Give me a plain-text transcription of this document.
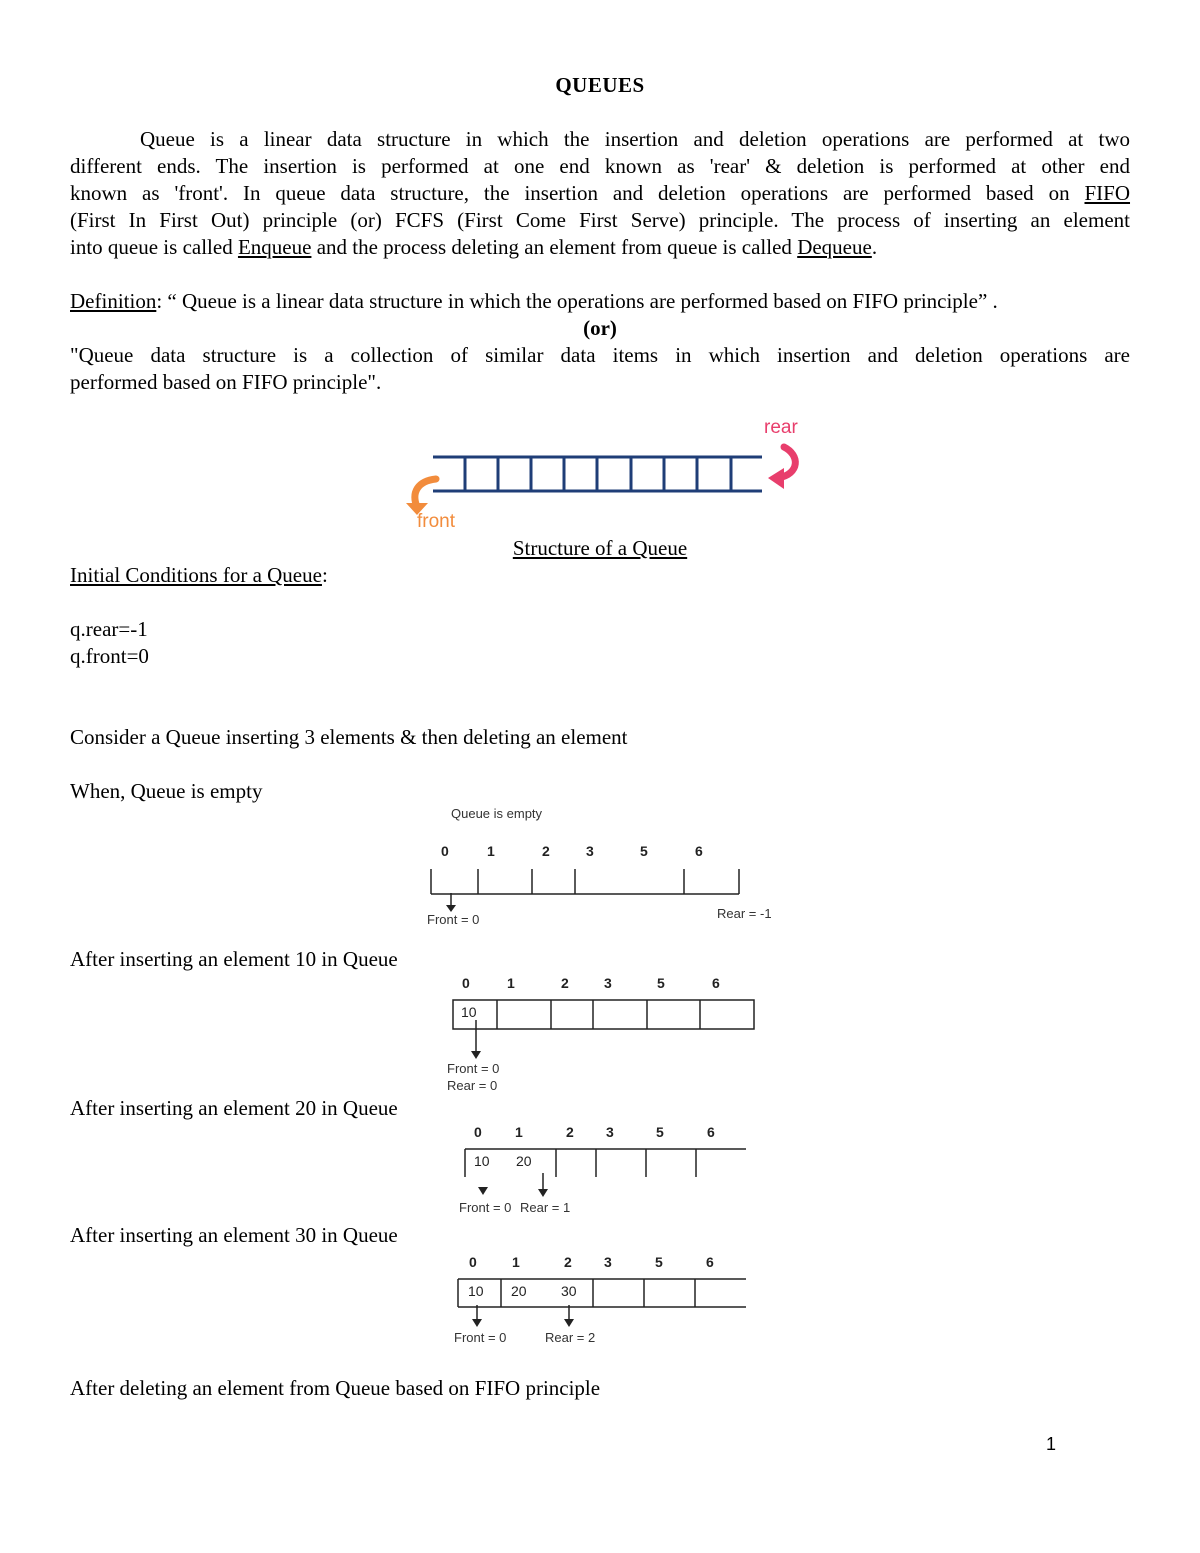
QUEUES
Queue is a linear data structure in which the insertion and deletion operations are performed at two
different ends. The insertion is performed at one end known as 'rear' & deletion is performed at other end
known as 'front'. In queue data structure, the insertion and deletion operations are performed based on FIFO
(First In First Out) principle (or) FCFS (First Come First Serve) principle. The process of inserting an element
into queue is called Enqueue and the process deleting an element from queue is called Dequeue.
Definition: “ Queue is a linear data structure in which the operations are performed based on FIFO principle” .
(or)
"Queue data structure is a collection of similar data items in which insertion and deletion operations are
performed based on FIFO principle".
rear
front
Structure of a Queue
Initial Conditions for a Queue:
q.rear=-1
q.front=0
Consider a Queue inserting 3 elements & then deleting an element
When, Queue is empty
Queue is empty
0	1	2	3	5	6
Front = 0	Rear = -1
After inserting an element 10 in Queue
0	1	2	3	5	6
10
Front = 0
Rear = 0
After inserting an element 20 in Queue
0 1	2 3	5	6
10 20
Front = 0 Rear = 1
After inserting an element 30 in Queue
0	1	2 3	5	6
10 20 30
Front = 0	Rear = 2
After deleting an element from Queue based on FIFO principle
1
